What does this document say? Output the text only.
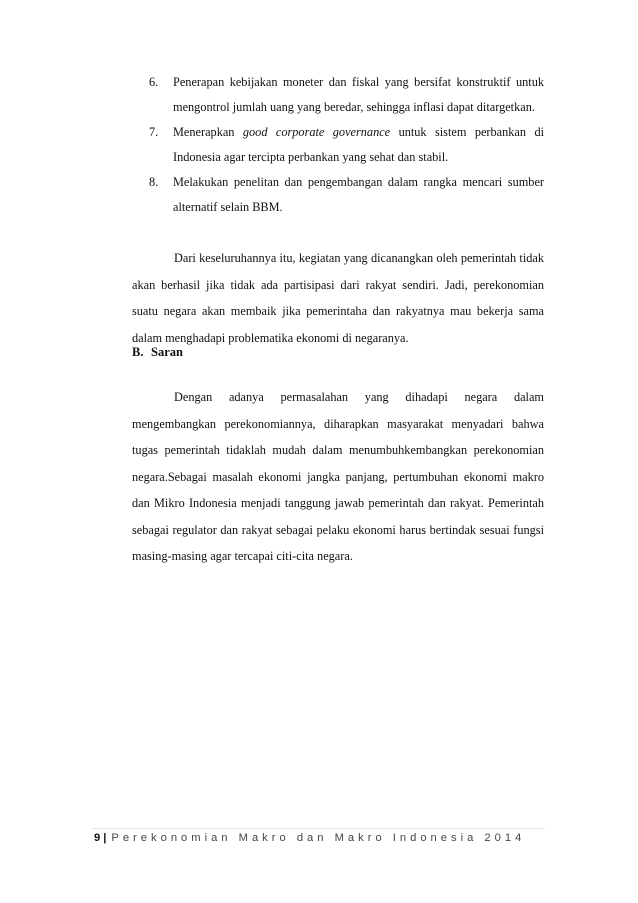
6. Penerapan kebijakan moneter dan fiskal yang bersifat konstruktif untuk mengontrol jumlah uang yang beredar, sehingga inflasi dapat ditargetkan.
7. Menerapkan good corporate governance untuk sistem perbankan di Indonesia agar tercipta perbankan yang sehat dan stabil.
8. Melakukan penelitan dan pengembangan dalam rangka mencari sumber alternatif selain BBM.

Dari keseluruhannya itu, kegiatan yang dicanangkan oleh pemerintah tidak akan berhasil jika tidak ada partisipasi dari rakyat sendiri. Jadi, perekonomian suatu negara akan membaik jika pemerintaha dan rakyatnya mau bekerja sama dalam menghadapi problematika ekonomi di negaranya.

B. Saran

Dengan adanya permasalahan yang dihadapi negara dalam mengembangkan perekonomiannya, diharapkan masyarakat menyadari bahwa tugas pemerintah tidaklah mudah dalam menumbuhkembangkan perekonomian negara.Sebagai masalah ekonomi jangka panjang, pertumbuhan ekonomi makro dan Mikro Indonesia menjadi tanggung jawab pemerintah dan rakyat. Pemerintah sebagai regulator dan rakyat sebagai pelaku ekonomi harus bertindak sesuai fungsi masing-masing agar tercapai citi-cita negara.

9 | Perekonomian Makro dan Makro Indonesia 2014
